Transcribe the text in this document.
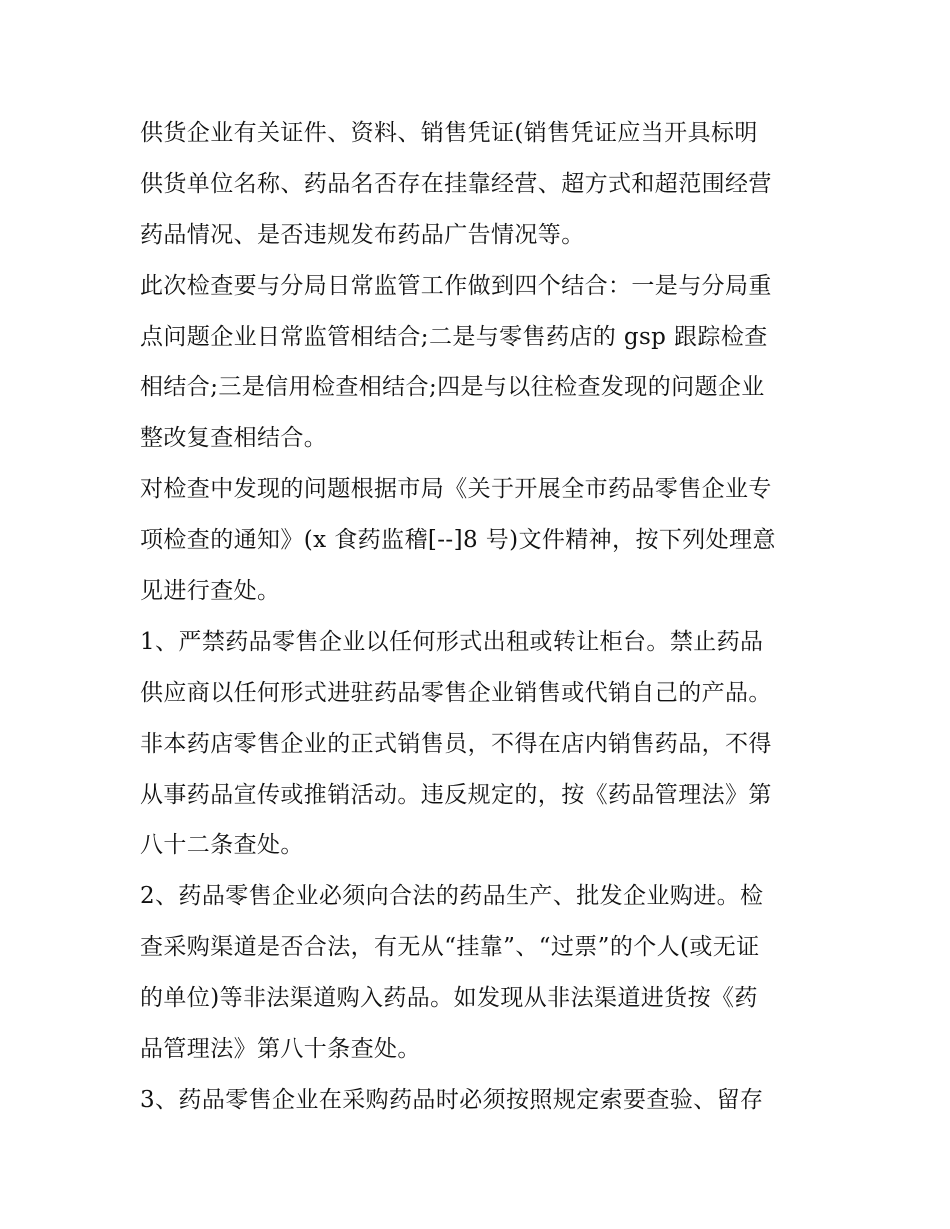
供货企业有关证件、资料、销售凭证(销售凭证应当开具标明
供货单位名称、药品名否存在挂靠经营、超方式和超范围经营
药品情况、是否违规发布药品广告情况等。
此次检查要与分局日常监管工作做到四个结合：一是与分局重
点问题企业日常监管相结合;二是与零售药店的 gsp 跟踪检查
相结合;三是信用检查相结合;四是与以往检查发现的问题企业
整改复查相结合。
对检查中发现的问题根据市局《关于开展全市药品零售企业专
项检查的通知》(x 食药监稽[--]8 号)文件精神，按下列处理意
见进行查处。
1、严禁药品零售企业以任何形式出租或转让柜台。禁止药品
供应商以任何形式进驻药品零售企业销售或代销自己的产品。
非本药店零售企业的正式销售员，不得在店内销售药品，不得
从事药品宣传或推销活动。违反规定的，按《药品管理法》第
八十二条查处。
2、药品零售企业必须向合法的药品生产、批发企业购进。检
查采购渠道是否合法，有无从“挂靠”、“过票”的个人(或无证
的单位)等非法渠道购入药品。如发现从非法渠道进货按《药
品管理法》第八十条查处。
3、药品零售企业在采购药品时必须按照规定索要查验、留存
